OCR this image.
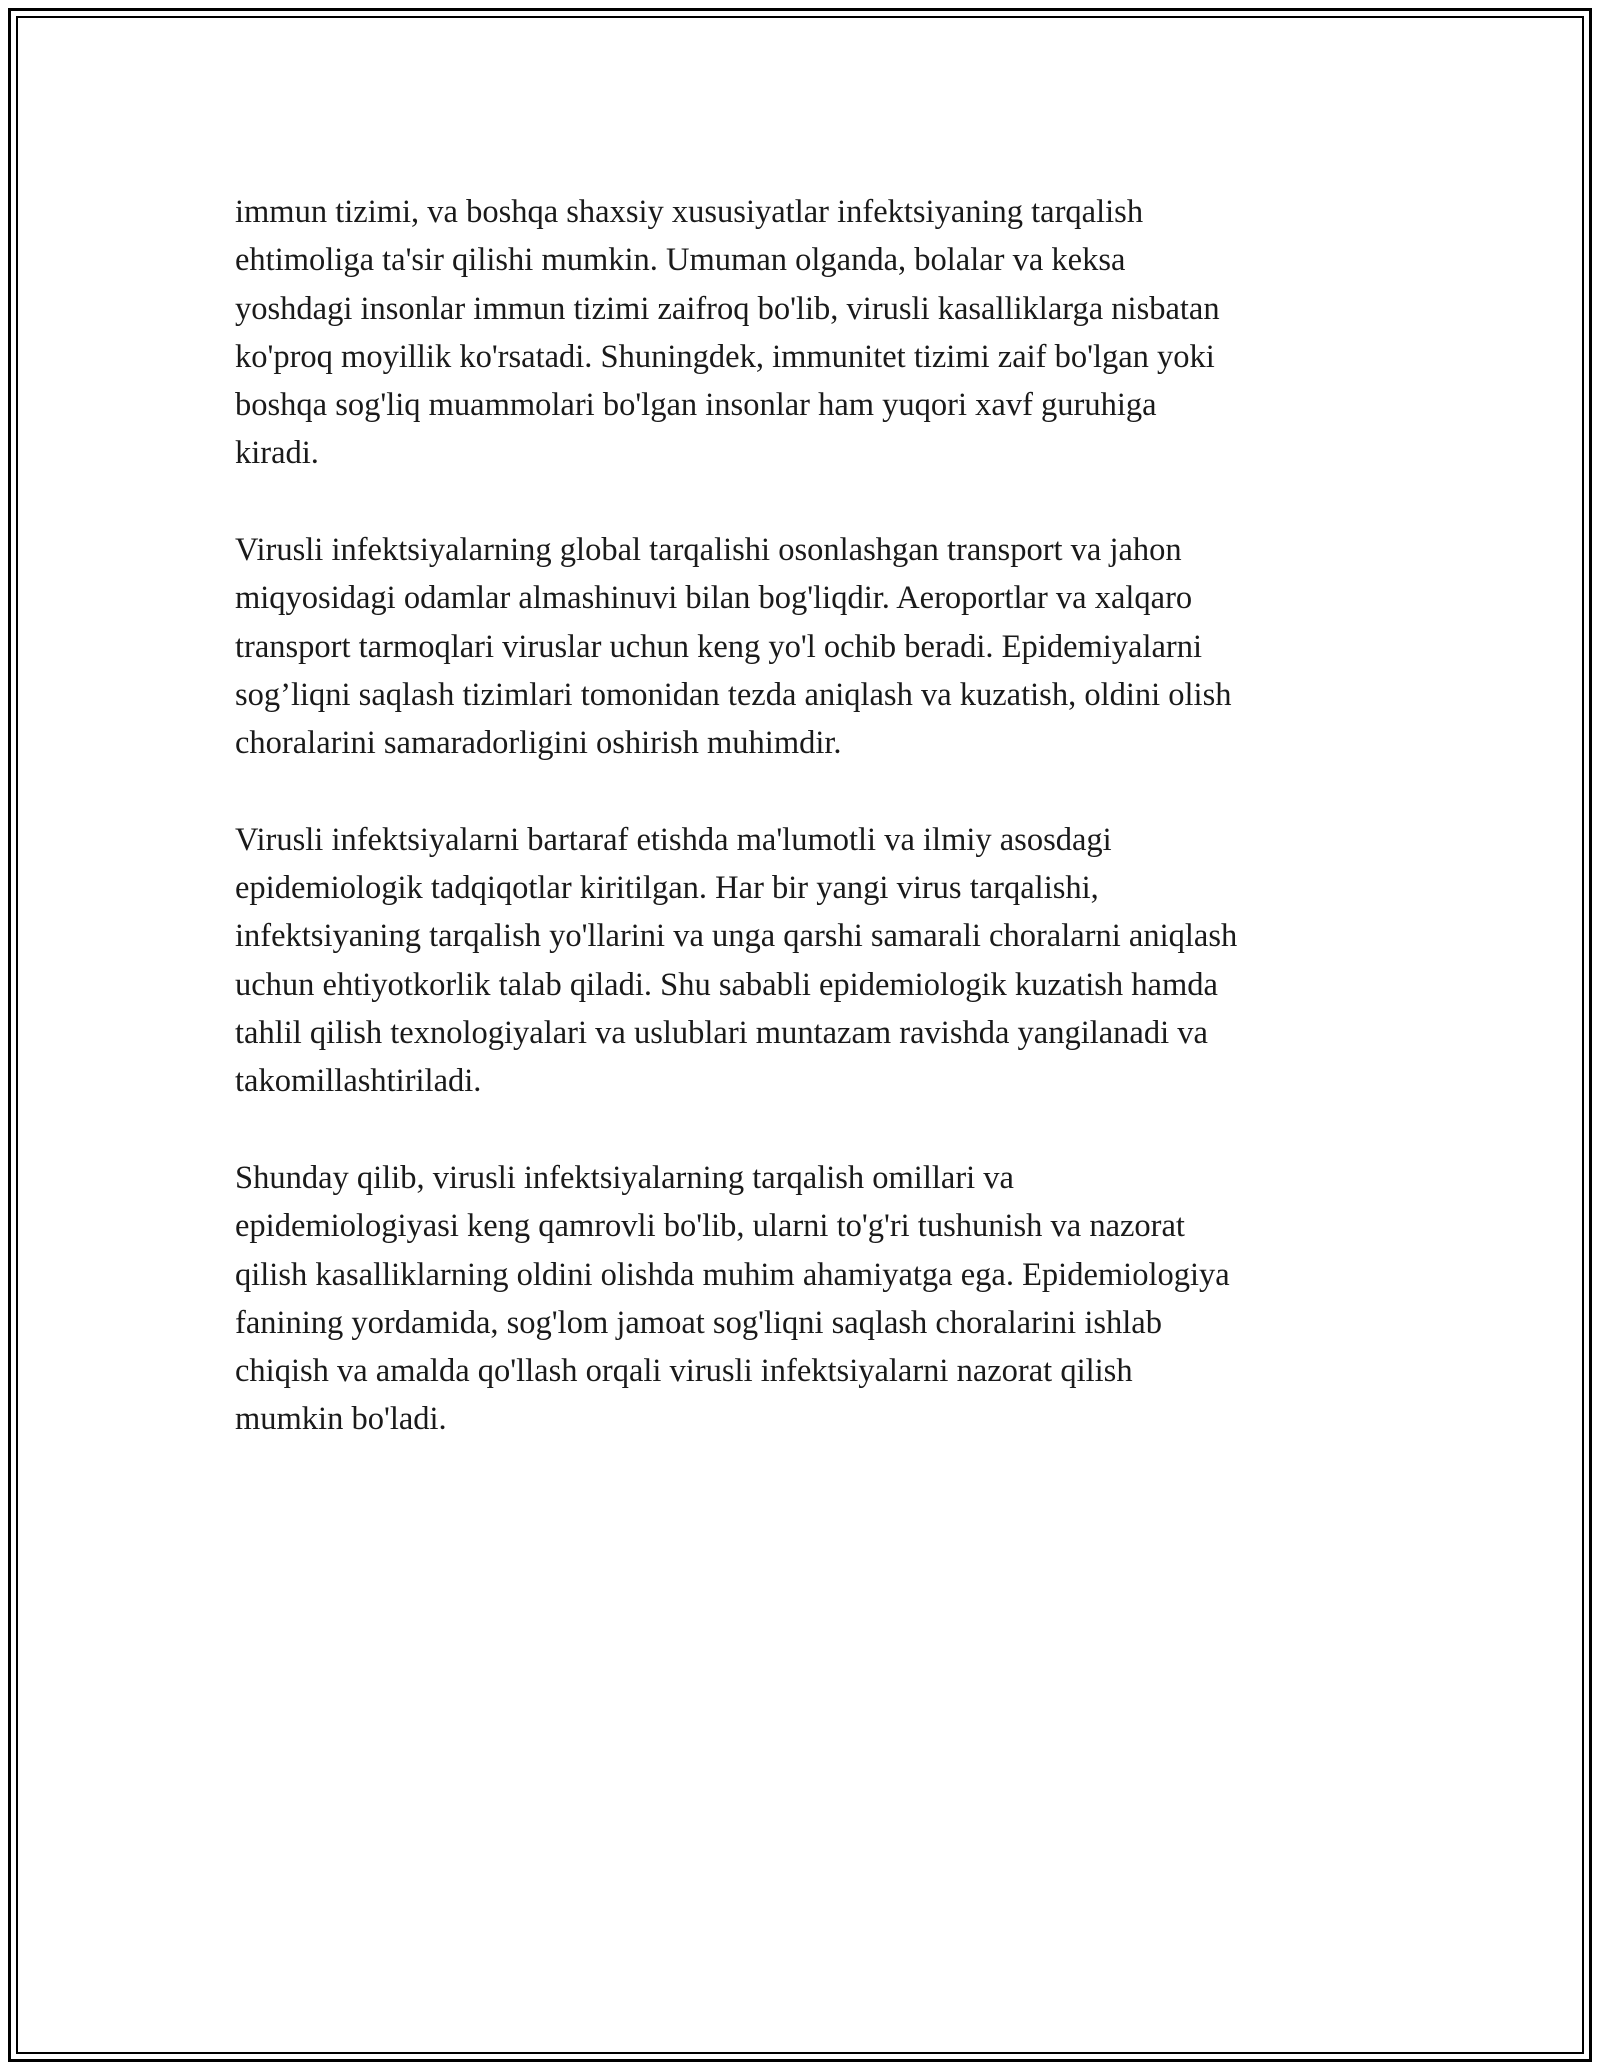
immun tizimi, va boshqa shaxsiy xususiyatlar infektsiyaning tarqalish
ehtimoliga ta'sir qilishi mumkin. Umuman olganda, bolalar va keksa
yoshdagi insonlar immun tizimi zaifroq bo'lib, virusli kasalliklarga nisbatan
ko'proq moyillik ko'rsatadi. Shuningdek, immunitet tizimi zaif bo'lgan yoki
boshqa sog'liq muammolari bo'lgan insonlar ham yuqori xavf guruhiga
kiradi.

Virusli infektsiyalarning global tarqalishi osonlashgan transport va jahon
miqyosidagi odamlar almashinuvi bilan bog'liqdir. Aeroportlar va xalqaro
transport tarmoqlari viruslar uchun keng yo'l ochib beradi. Epidemiyalarni
sog’liqni saqlash tizimlari tomonidan tezda aniqlash va kuzatish, oldini olish
choralarini samaradorligini oshirish muhimdir.

Virusli infektsiyalarni bartaraf etishda ma'lumotli va ilmiy asosdagi
epidemiologik tadqiqotlar kiritilgan. Har bir yangi virus tarqalishi,
infektsiyaning tarqalish yo'llarini va unga qarshi samarali choralarni aniqlash
uchun ehtiyotkorlik talab qiladi. Shu sababli epidemiologik kuzatish hamda
tahlil qilish texnologiyalari va uslublari muntazam ravishda yangilanadi va
takomillashtiriladi.

Shunday qilib, virusli infektsiyalarning tarqalish omillari va
epidemiologiyasi keng qamrovli bo'lib, ularni to'g'ri tushunish va nazorat
qilish kasalliklarning oldini olishda muhim ahamiyatga ega. Epidemiologiya
fanining yordamida, sog'lom jamoat sog'liqni saqlash choralarini ishlab
chiqish va amalda qo'llash orqali virusli infektsiyalarni nazorat qilish
mumkin bo'ladi.
